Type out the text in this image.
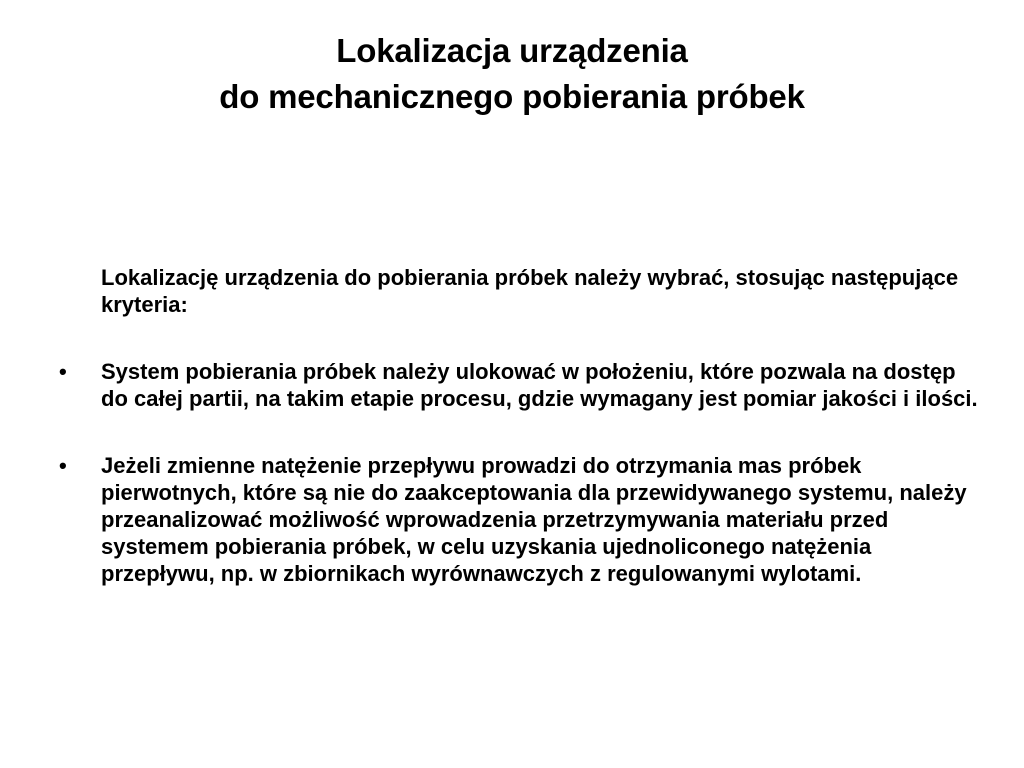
Lokalizacja urządzenia
do mechanicznego pobierania próbek
Lokalizację urządzenia do pobierania próbek należy wybrać, stosując następujące kryteria:
• System pobierania próbek należy ulokować w położeniu, które pozwala na dostęp do całej partii, na takim etapie procesu, gdzie wymagany jest pomiar jakości i ilości.
• Jeżeli zmienne natężenie przepływu prowadzi do otrzymania mas próbek pierwotnych, które są nie do zaakceptowania dla przewidywanego systemu, należy przeanalizować możliwość wprowadzenia przetrzymywania materiału przed systemem pobierania próbek, w celu uzyskania ujednoliconego natężenia przepływu, np. w zbiornikach wyrównawczych z regulowanymi wylotami.
